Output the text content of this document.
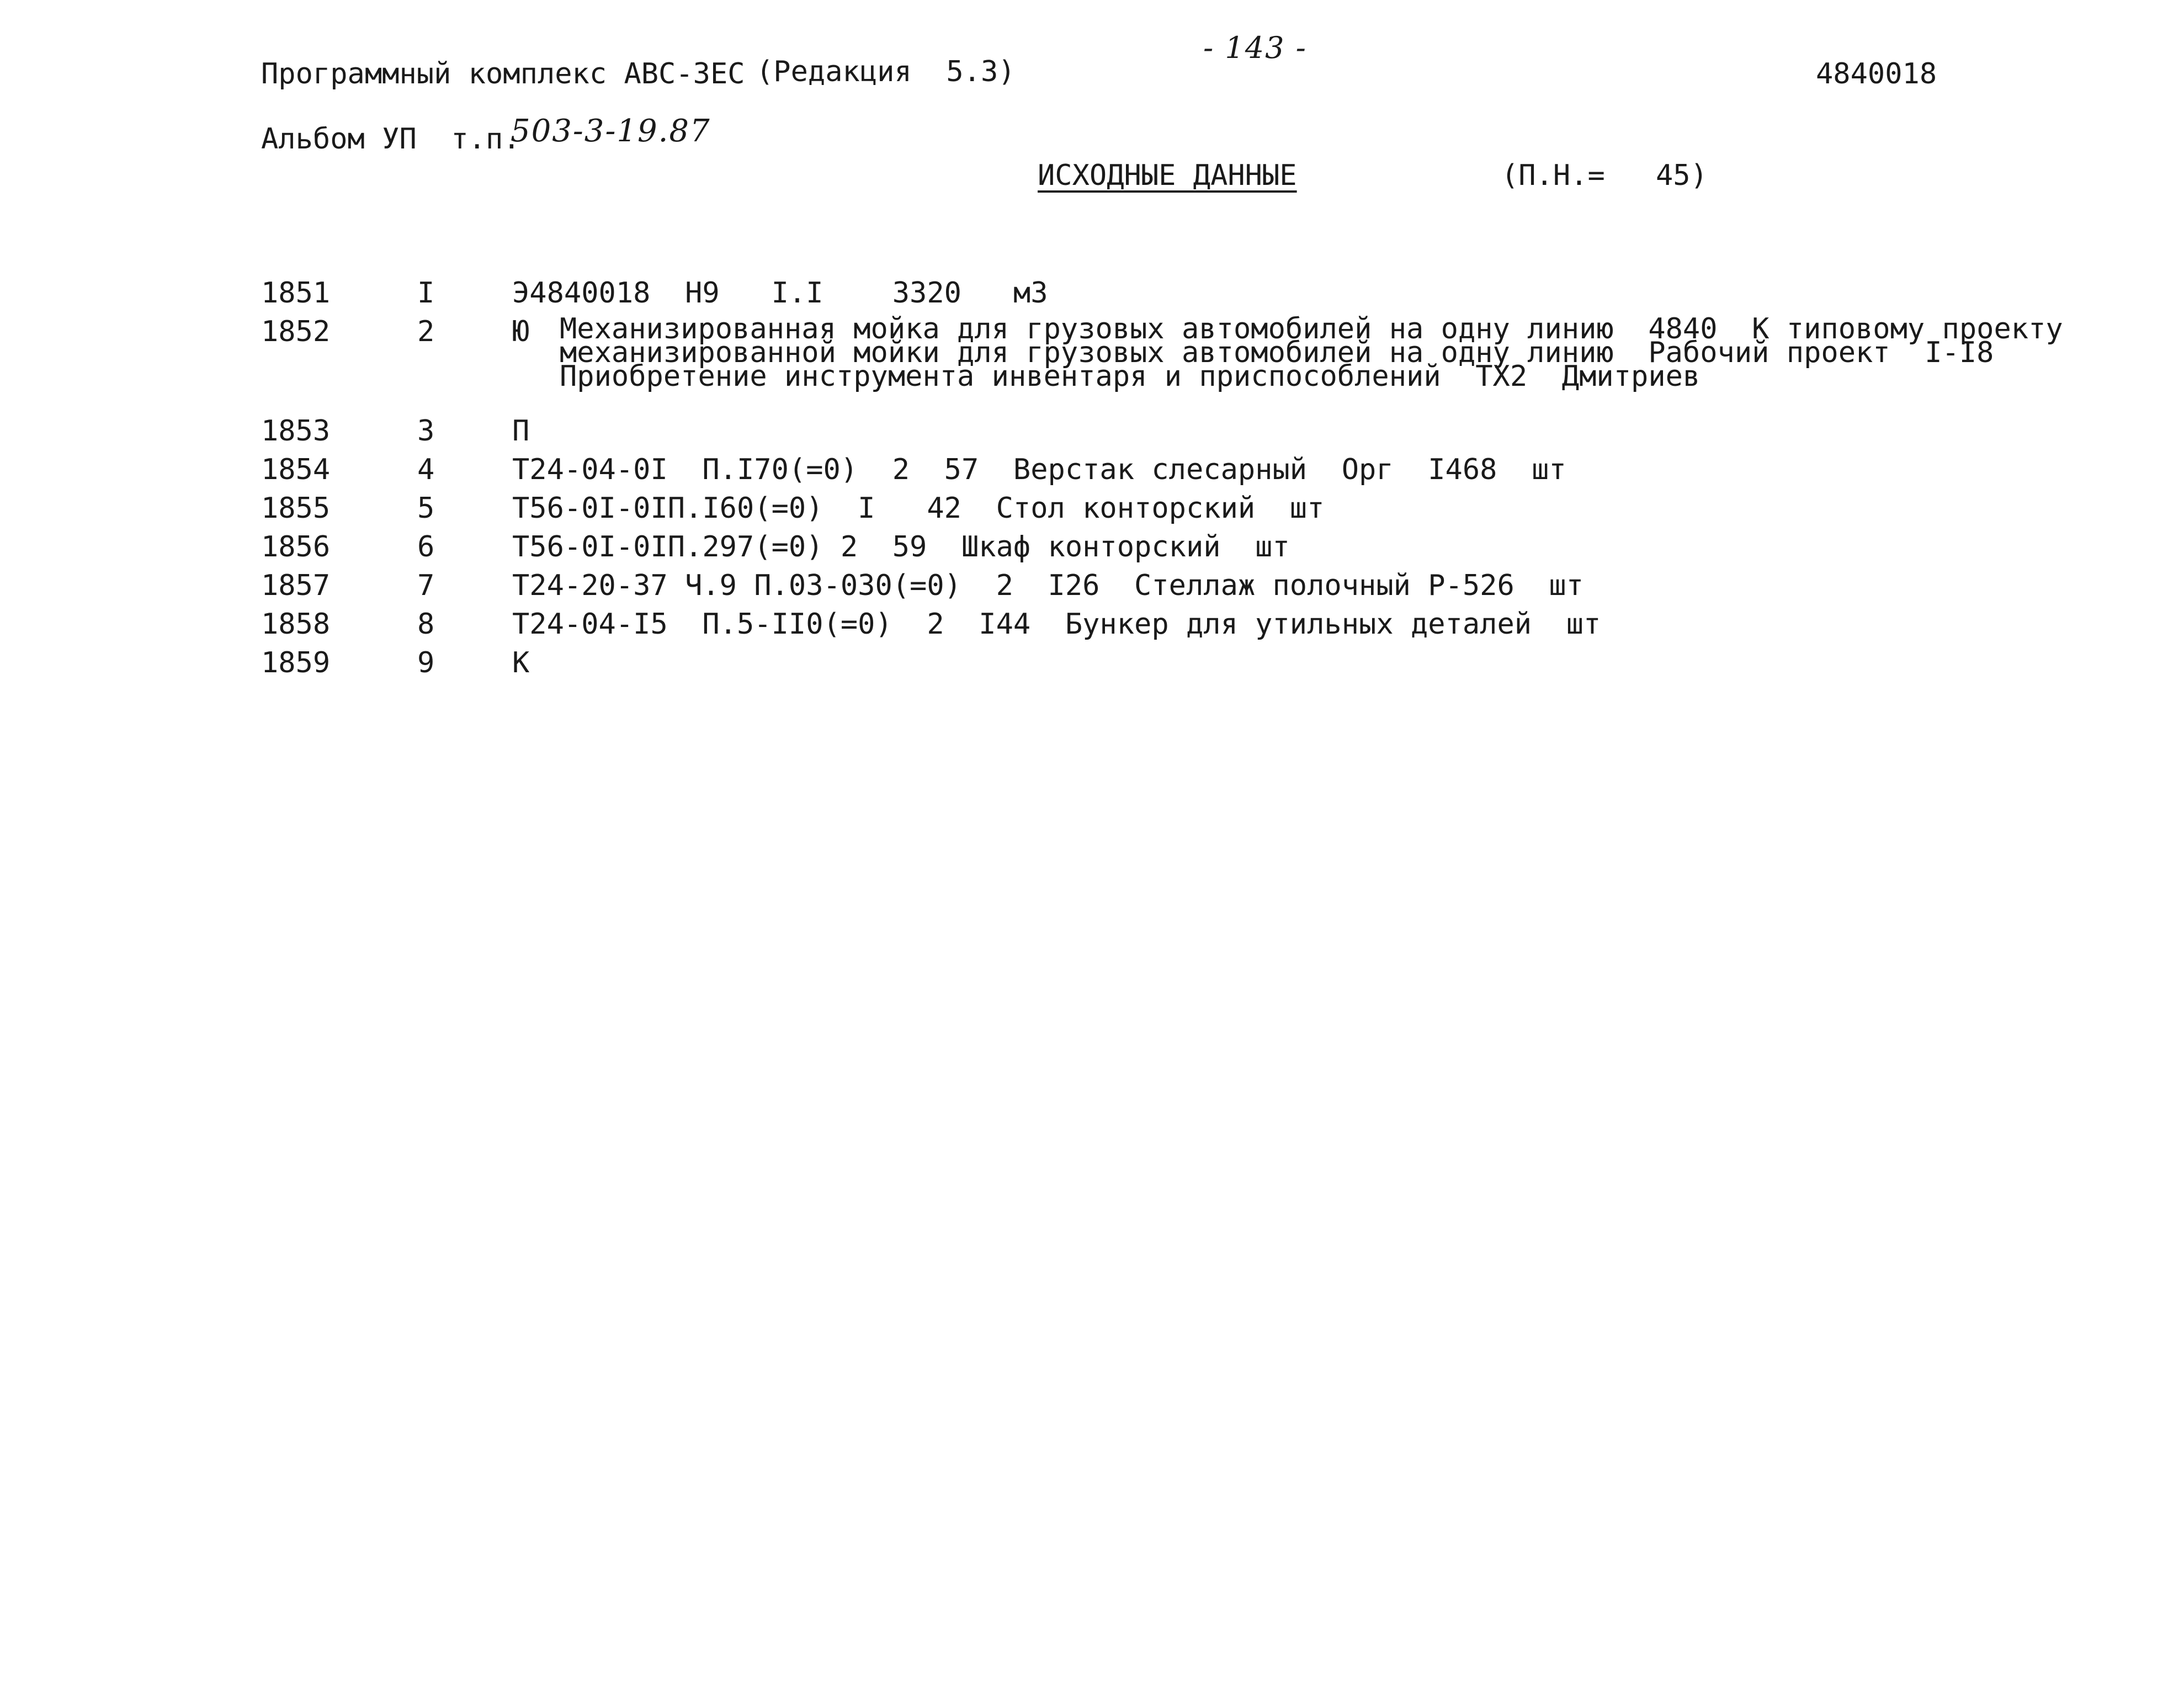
- 143 -
Программный комплекс АВС-3ЕС (Редакция  5.3)	4840018
Альбом УП  т.п.
503-3-19.87
ИСХОДНЫЕ ДАННЫЕ	(П.Н.= 45)
1851	I	Э4840018  Н9   I.I    3320   м3
1852	2	Ю Механизированная мойка для грузовых автомобилей на одну линию  4840  К типовому проекту
механизированной мойки для грузовых автомобилей на одну линию  Рабочий проект  I-I8
Приобретение инструмента инвентаря и приспособлений  ТХ2  Дмитриев
1853	3	П
1854	4	Т24-04-0I  П.I70(=0)  2  57  Верстак слесарный  Орг  I468  шт
1855	5	Т56-0I-0IП.I60(=0)  I   42  Стол конторский  шт
1856	6	Т56-0I-0IП.297(=0) 2  59  Шкаф конторский  шт
1857	7	Т24-20-37 Ч.9 П.03-030(=0)  2  I26  Стеллаж полочный Р-526  шт
1858	8	Т24-04-I5  П.5-II0(=0)  2  I44  Бункер для утильных деталей  шт
1859	9	К
